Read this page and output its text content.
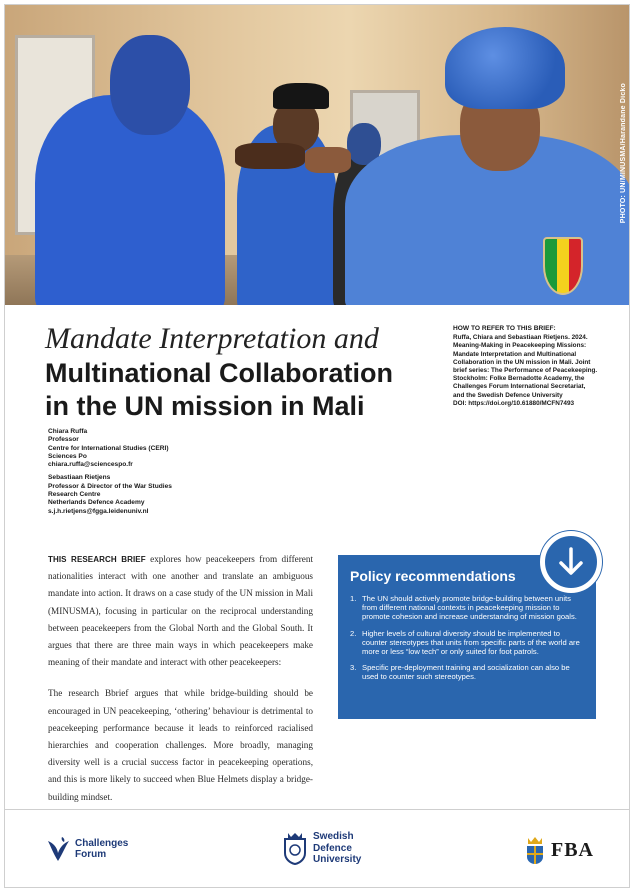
PHOTO: UN/MINUSMA/Harandane Dicko
Mandate Interpretation and
Multinational Collaboration
in the UN mission in Mali
HOW TO REFER TO THIS BRIEF:
Ruffa, Chiara and Sebastiaan Rietjens. 2024.
Meaning-Making in Peacekeeping Missions:
Mandate Interpretation and Multinational
Collaboration in the UN mission in Mali. Joint
brief series: The Performance of Peacekeeping.
Stockholm: Folke Bernadotte Academy, the
Challenges Forum International Secretariat,
and the Swedish Defence University
DOI: https://doi.org/10.61880/MCFN7493
Chiara Ruffa
Professor
Centre for International Studies (CERI)
Sciences Po
chiara.ruffa@sciencespo.fr
Sebastiaan Rietjens
Professor & Director of the War Studies
Research Centre
Netherlands Defence Academy
s.j.h.rietjens@fgga.leidenuniv.nl

THIS RESEARCH BRIEF explores how peacekeepers from different nationalities interact with one another and translate an ambiguous mandate into action. It draws on a case study of the UN mission in Mali (MINUSMA), focusing in particular on the reciprocal understanding between peacekeepers from the Global North and the Global South. It argues that there are three main ways in which peacekeepers make meaning of their mandate and interact with other peacekeepers:

The research Bbrief argues that while bridge-building should be encouraged in UN peacekeeping, ‘othering’ behaviour is detrimental to peacekeeping performance because it leads to reinforced racialised hierarchies and cooperation challenges. More broadly, managing diversity well is a crucial success factor in peacekeeping operations, and this is more likely to succeed when Blue Helmets display a bridge-building mindset.

Policy recommendations
1. The UN should actively promote bridge-building between units from different national contexts in peacekeeping mission to promote cohesion and increase understanding of mission goals.
2. Higher levels of cultural diversity should be implemented to counter stereotypes that units from specific parts of the world are more or less “low tech” or only suited for foot patrols.
3. Specific pre-deployment training and socialization can also be used to counter such stereotypes.
Challenges
Forum
Swedish
Defence
University	FBA
